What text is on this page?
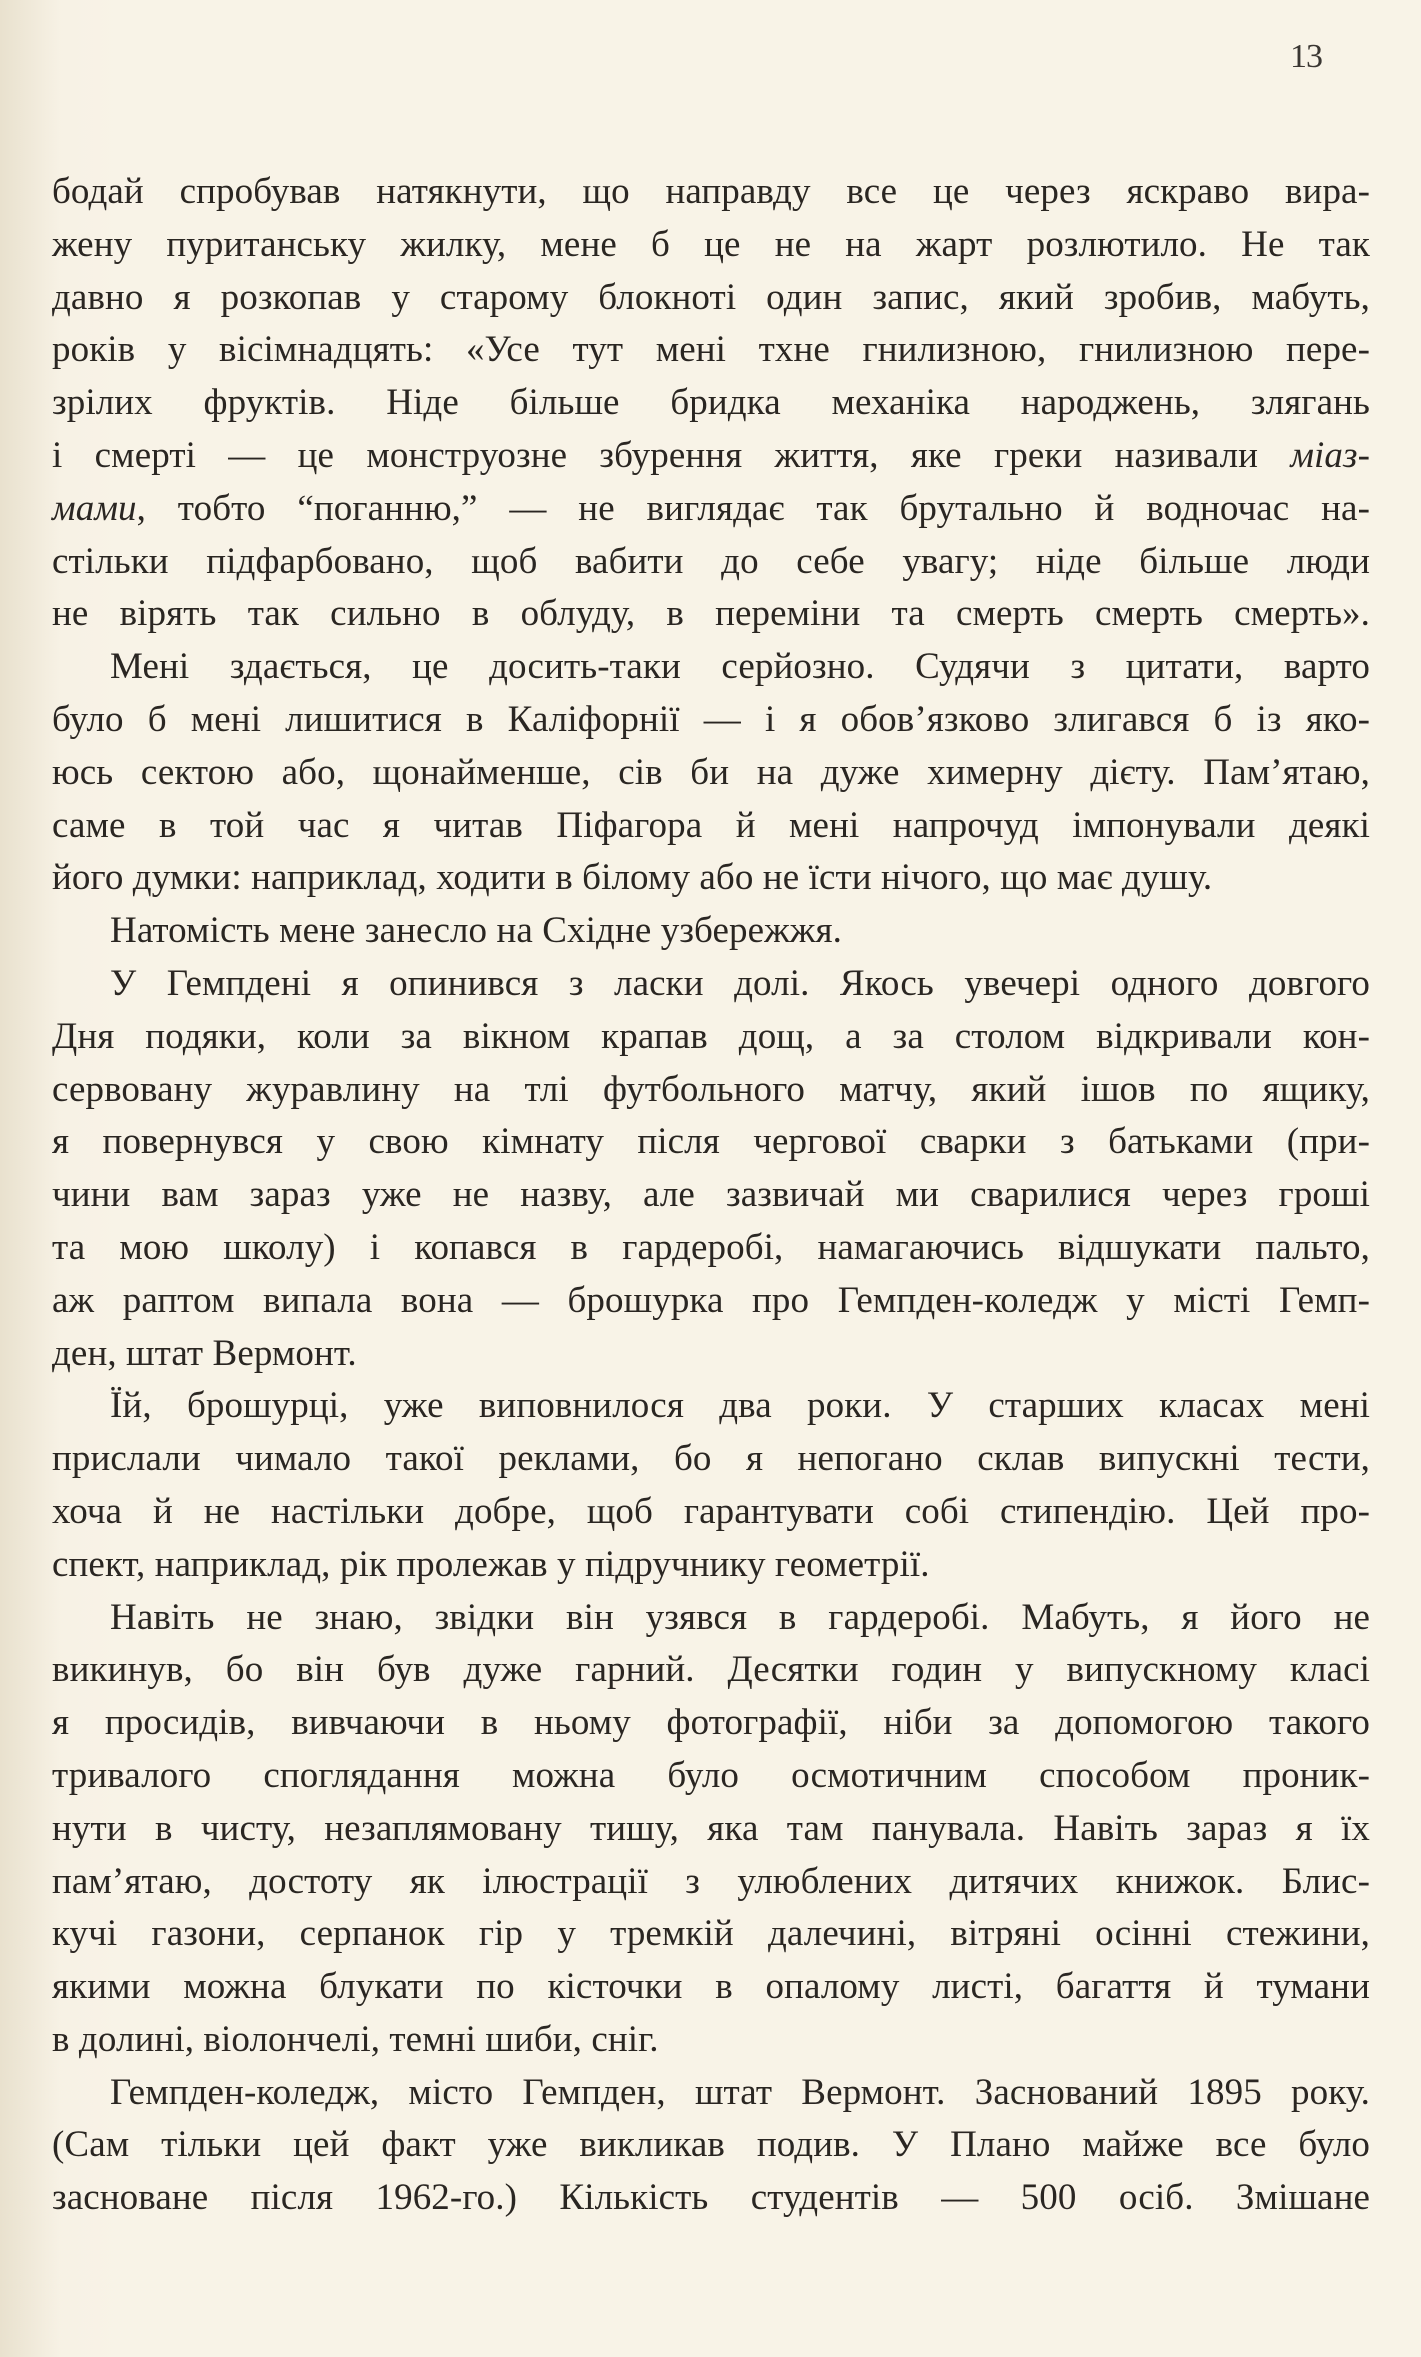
13
бодай спробував натякнути, що направду все це через яскраво вира-
жену пуританську жилку, мене б це не на жарт розлютило. Не так
давно я розкопав у старому блокноті один запис, який зробив, мабуть,
років у вісімнадцять: «Усе тут мені тхне гнилизною, гнилизною пере-
зрілих фруктів. Ніде більше бридка механіка народжень, злягань
і смерті — це монструозне збурення життя, яке греки називали міаз-
мами, тобто “поганню,” — не виглядає так брутально й водночас на-
стільки підфарбовано, щоб вабити до себе увагу; ніде більше люди
не вірять так сильно в облуду, в переміни та смерть смерть смерть».
Мені здається, це досить-таки серйозно. Судячи з цитати, варто
було б мені лишитися в Каліфорнії — і я обов’язково злигався б із яко-
юсь сектою або, щонайменше, сів би на дуже химерну дієту. Пам’ятаю,
саме в той час я читав Піфагора й мені напрочуд імпонували деякі
його думки: наприклад, ходити в білому або не їсти нічого, що має душу.
Натомість мене занесло на Східне узбережжя.
У Гемпдені я опинився з ласки долі. Якось увечері одного довгого
Дня подяки, коли за вікном крапав дощ, а за столом відкривали кон-
сервовану журавлину на тлі футбольного матчу, який ішов по ящику,
я повернувся у свою кімнату після чергової сварки з батьками (при-
чини вам зараз уже не назву, але зазвичай ми сварилися через гроші
та мою школу) і копався в гардеробі, намагаючись відшукати пальто,
аж раптом випала вона — брошурка про Гемпден-коледж у місті Гемп-
ден, штат Вермонт.
Їй, брошурці, уже виповнилося два роки. У старших класах мені
прислали чимало такої реклами, бо я непогано склав випускні тести,
хоча й не настільки добре, щоб гарантувати собі стипендію. Цей про-
спект, наприклад, рік пролежав у підручнику геометрії.
Навіть не знаю, звідки він узявся в гардеробі. Мабуть, я його не
викинув, бо він був дуже гарний. Десятки годин у випускному класі
я просидів, вивчаючи в ньому фотографії, ніби за допомогою такого
тривалого споглядання можна було осмотичним способом проник-
нути в чисту, незаплямовану тишу, яка там панувала. Навіть зараз я їх
пам’ятаю, достоту як ілюстрації з улюблених дитячих книжок. Блис-
кучі газони, серпанок гір у тремкій далечині, вітряні осінні стежини,
якими можна блукати по кісточки в опалому листі, багаття й тумани
в долині, віолончелі, темні шиби, сніг.
Гемпден-коледж, місто Гемпден, штат Вермонт. Заснований 1895 року.
(Сам тільки цей факт уже викликав подив. У Плано майже все було
засноване після 1962-го.) Кількість студентів — 500 осіб. Змішане
